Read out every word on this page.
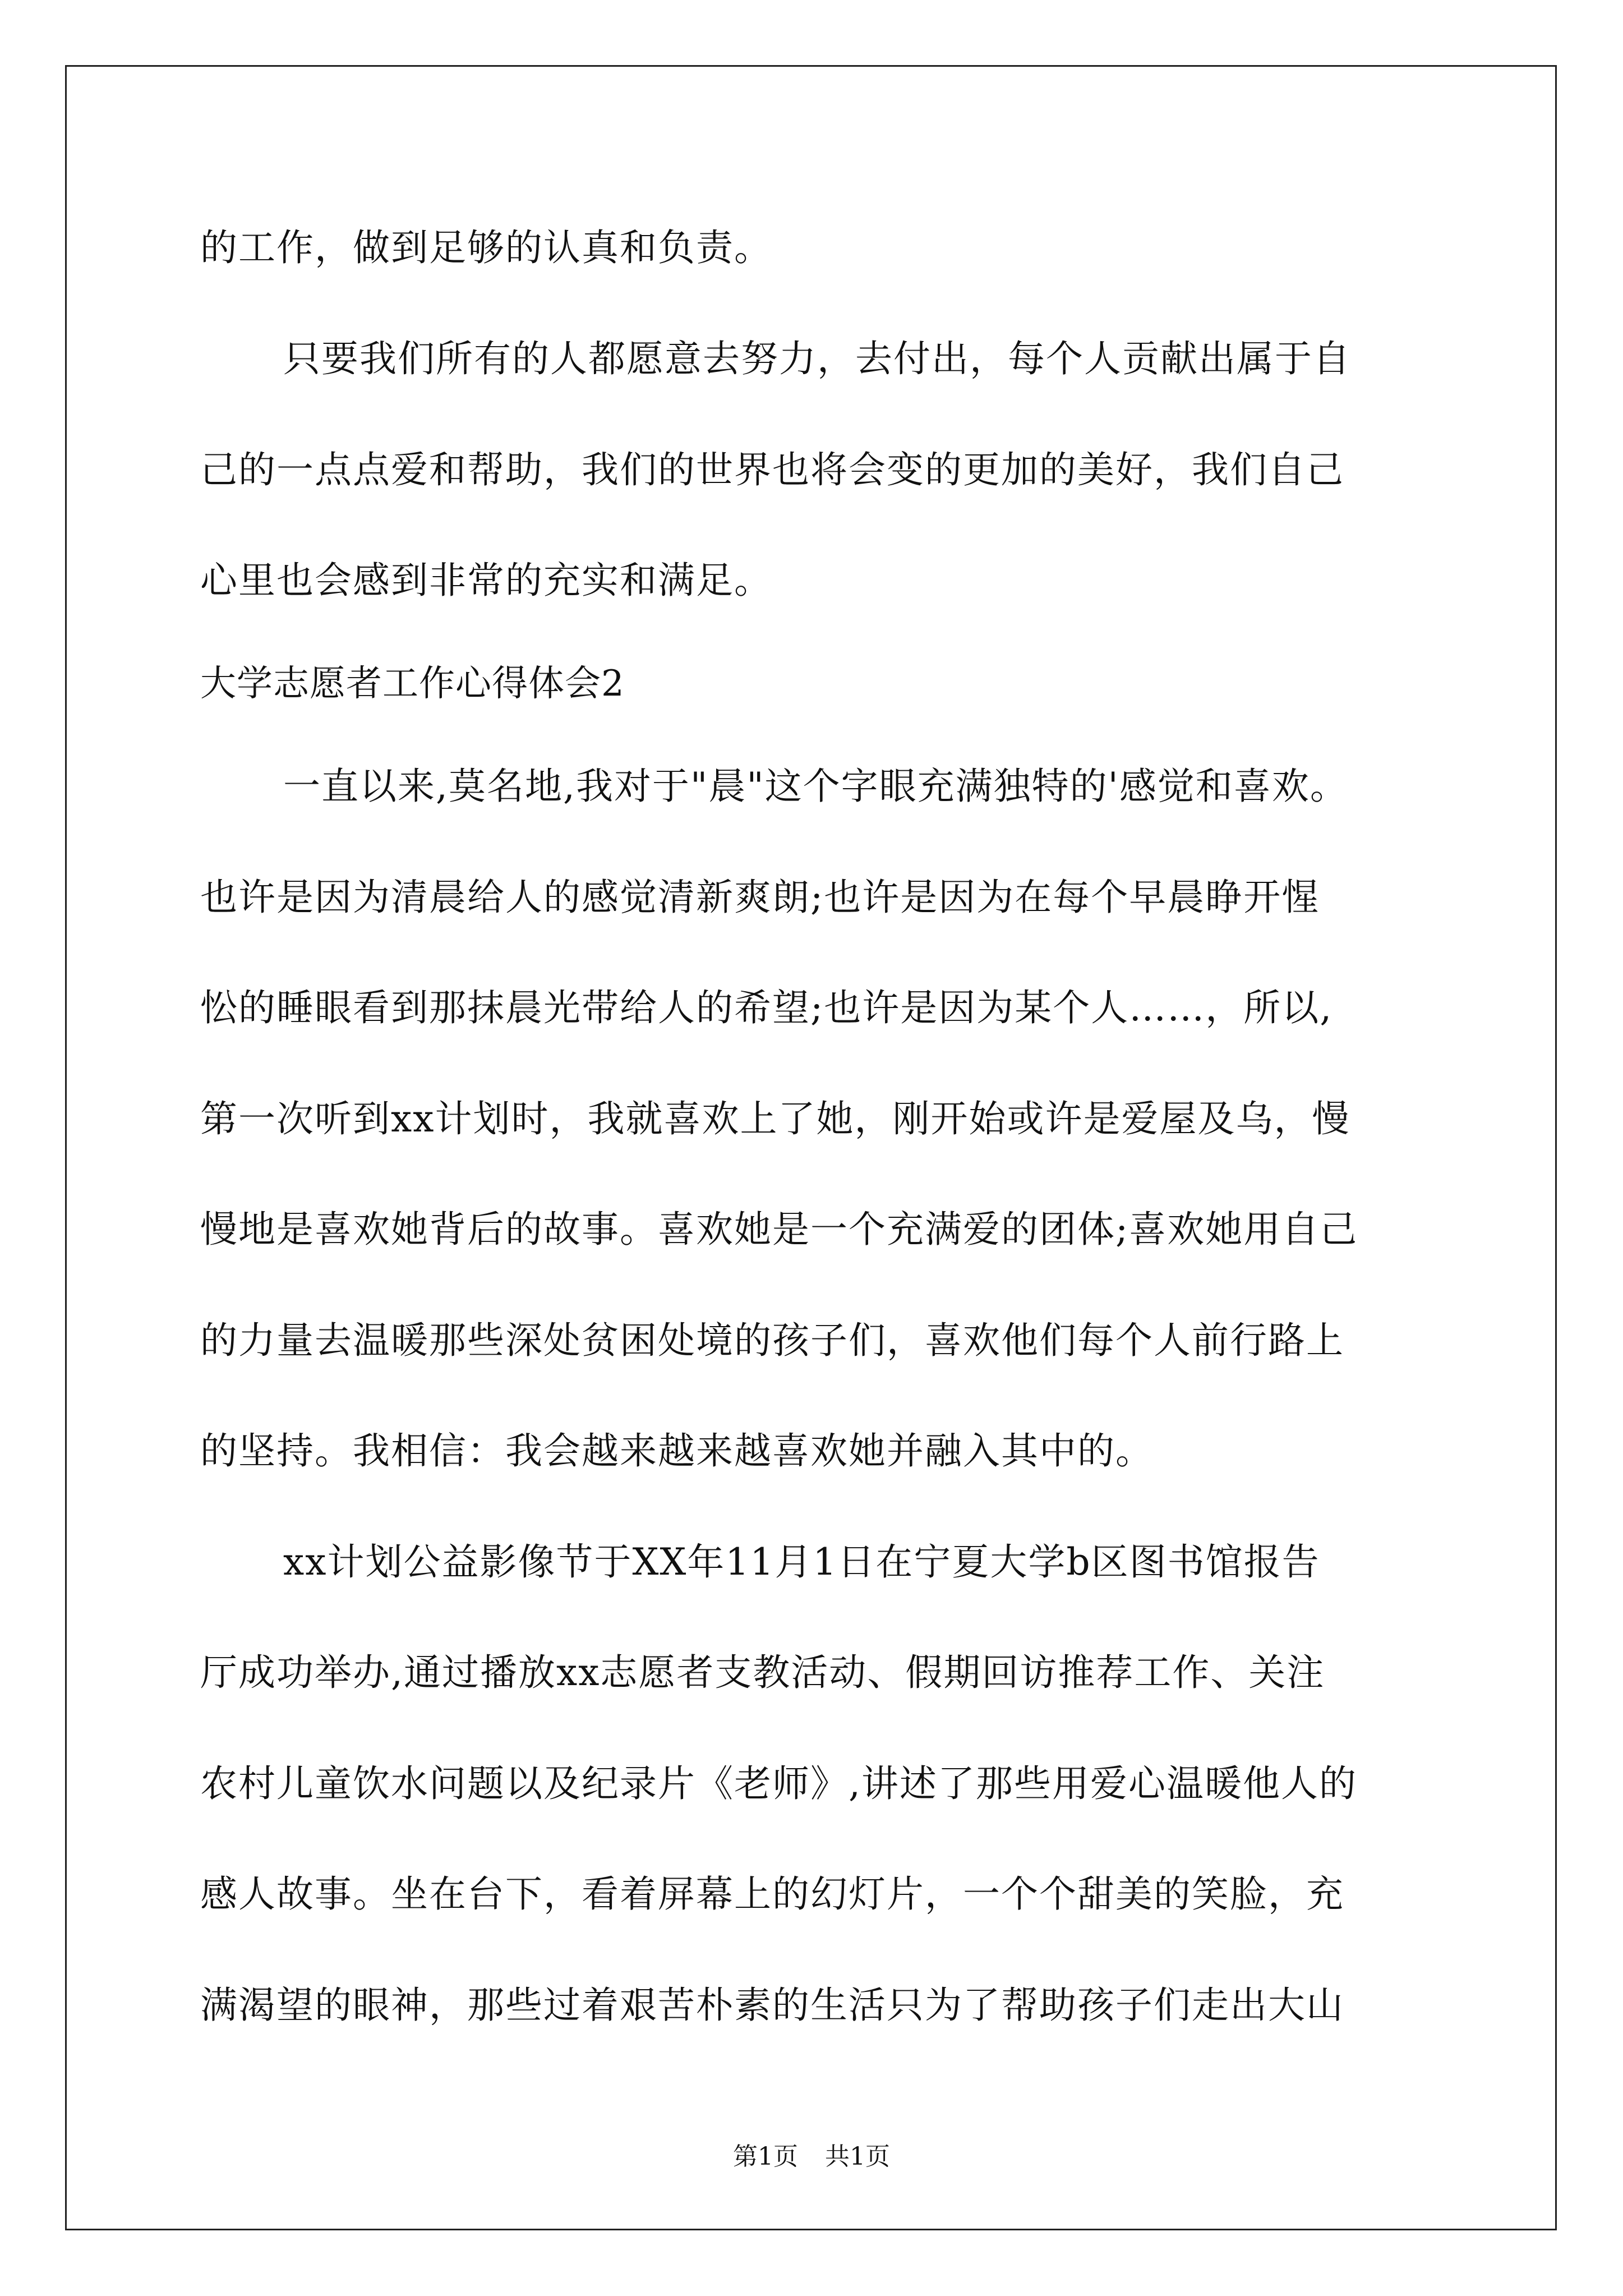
的工作，做到足够的认真和负责。
只要我们所有的人都愿意去努力，去付出，每个人贡献出属于自
己的一点点爱和帮助，我们的世界也将会变的更加的美好，我们自己
心里也会感到非常的充实和满足。
大学志愿者工作心得体会2
一直以来,莫名地,我对于"晨"这个字眼充满独特的'感觉和喜欢。
也许是因为清晨给人的感觉清新爽朗;也许是因为在每个早晨睁开惺
忪的睡眼看到那抹晨光带给人的希望;也许是因为某个人……，所以,
第一次听到xx计划时，我就喜欢上了她，刚开始或许是爱屋及乌，慢
慢地是喜欢她背后的故事。喜欢她是一个充满爱的团体;喜欢她用自己
的力量去温暖那些深处贫困处境的孩子们，喜欢他们每个人前行路上
的坚持。我相信：我会越来越来越喜欢她并融入其中的。
xx计划公益影像节于XX年11月1日在宁夏大学b区图书馆报告
厅成功举办,通过播放xx志愿者支教活动、假期回访推荐工作、关注
农村儿童饮水问题以及纪录片《老师》,讲述了那些用爱心温暖他人的
感人故事。坐在台下，看着屏幕上的幻灯片，一个个甜美的笑脸，充
满渴望的眼神，那些过着艰苦朴素的生活只为了帮助孩子们走出大山
第1页 共1页
